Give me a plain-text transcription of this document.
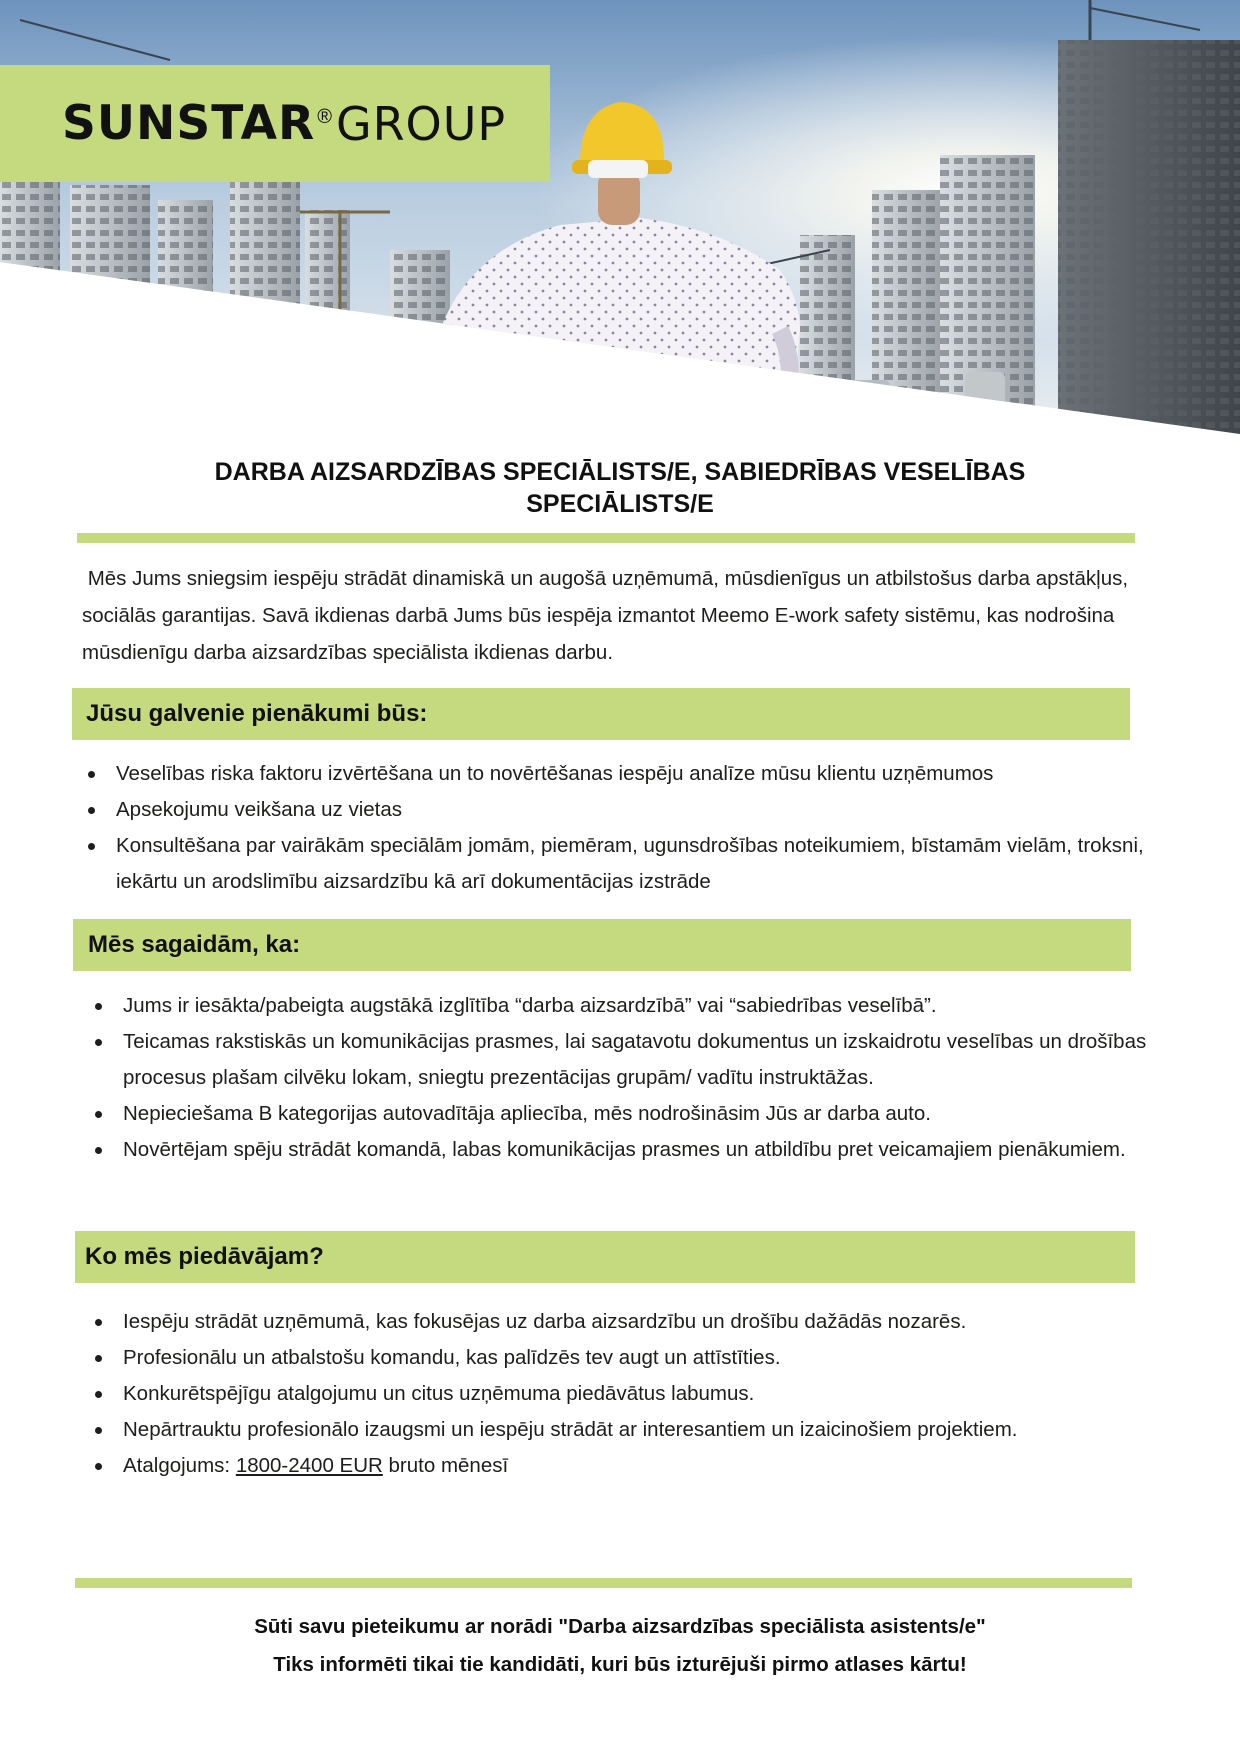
SUNSTAR ® GROUP
DARBA AIZSARDZĪBAS SPECIĀLISTS/E, SABIEDRĪBAS VESELĪBAS
SPECIĀLISTS/E

Mēs Jums sniegsim iespēju strādāt dinamiskā un augošā uzņēmumā, mūsdienīgus un atbilstošus darba apstākļus, sociālās garantijas. Savā ikdienas darbā Jums būs iespēja izmantot Meemo E-work safety sistēmu, kas nodrošina mūsdienīgu darba aizsardzības speciālista ikdienas darbu.

Jūsu galvenie pienākumi būs:
Veselības riska faktoru izvērtēšana un to novērtēšanas iespēju analīze mūsu klientu uzņēmumos
Apsekojumu veikšana uz vietas
Konsultēšana par vairākām speciālām jomām, piemēram, ugunsdrošības noteikumiem, bīstamām vielām, troksni, iekārtu un arodslimību aizsardzību kā arī dokumentācijas izstrāde
Mēs sagaidām, ka:
Jums ir iesākta/pabeigta augstākā izglītība “darba aizsardzībā” vai “sabiedrības veselībā”.
Teicamas rakstiskās un komunikācijas prasmes, lai sagatavotu dokumentus un izskaidrotu veselības un drošības procesus plašam cilvēku lokam, sniegtu prezentācijas grupām/ vadītu instruktāžas.
Nepieciešama B kategorijas autovadītāja apliecība, mēs nodrošināsim Jūs ar darba auto.
Novērtējam spēju strādāt komandā, labas komunikācijas prasmes un atbildību pret veicamajiem pienākumiem.
Ko mēs piedāvājam?
Iespēju strādāt uzņēmumā, kas fokusējas uz darba aizsardzību un drošību dažādās nozarēs.
Profesionālu un atbalstošu komandu, kas palīdzēs tev augt un attīstīties.
Konkurētspējīgu atalgojumu un citus uzņēmuma piedāvātus labumus.
Nepārtrauktu profesionālo izaugsmi un iespēju strādāt ar interesantiem un izaicinošiem projektiem.
Atalgojums: 1800-2400 EUR bruto mēnesī
Sūti savu pieteikumu ar norādi "Darba aizsardzības speciālista asistents/e"
Tiks informēti tikai tie kandidāti, kuri būs izturējuši pirmo atlases kārtu!
